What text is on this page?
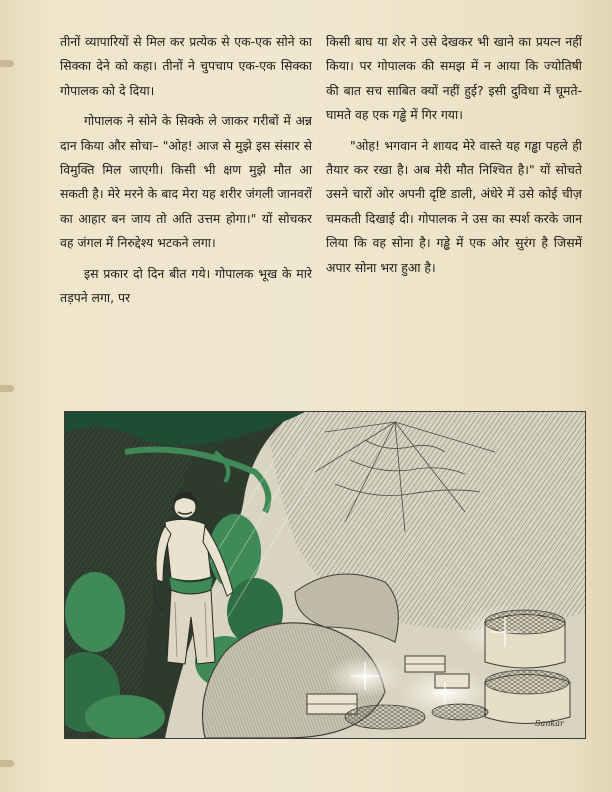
तीनों व्यापारियों से मिल कर प्रत्येक से एक-एक सोने का सिक्का देने को कहा। तीनों ने चुपचाप एक-एक सिक्का गोपालक को दे दिया।

गोपालक ने सोने के सिक्के ले जाकर गरीबों में अन्न दान किया और सोचा– "ओह! आज से मुझे इस संसार से विमुक्ति मिल जाएगी। किसी भी क्षण मुझे मौत आ सकती है। मेरे मरने के बाद मेरा यह शरीर जंगली जानवरों का आहार बन जाय तो अति उत्तम होगा।" यों सोचकर वह जंगल में निरुद्देश्य भटकने लगा।

इस प्रकार दो दिन बीत गये। गोपालक भूख के मारे तड़पने लगा, पर

किसी बाघ या शेर ने उसे देखकर भी खाने का प्रयत्न नहीं किया। पर गोपालक की समझ में न आया कि ज्योतिषी की बात सच साबित क्यों नहीं हुई? इसी दुविधा में घूमते-घामते वह एक गड्ढे में गिर गया।

"ओह! भगवान ने शायद मेरे वास्ते यह गड्ढा पहले ही तैयार कर रखा है। अब मेरी मौत निश्चित है।" यों सोचते उसने चारों ओर अपनी दृष्टि डाली, अंधेरे में उसे कोई चीज़ चमकती दिखाई दी। गोपालक ने उस का स्पर्श करके जान लिया कि वह सोना है। गड्ढे में एक ओर सुरंग है जिसमें अपार सोना भरा हुआ है।

Sankar
